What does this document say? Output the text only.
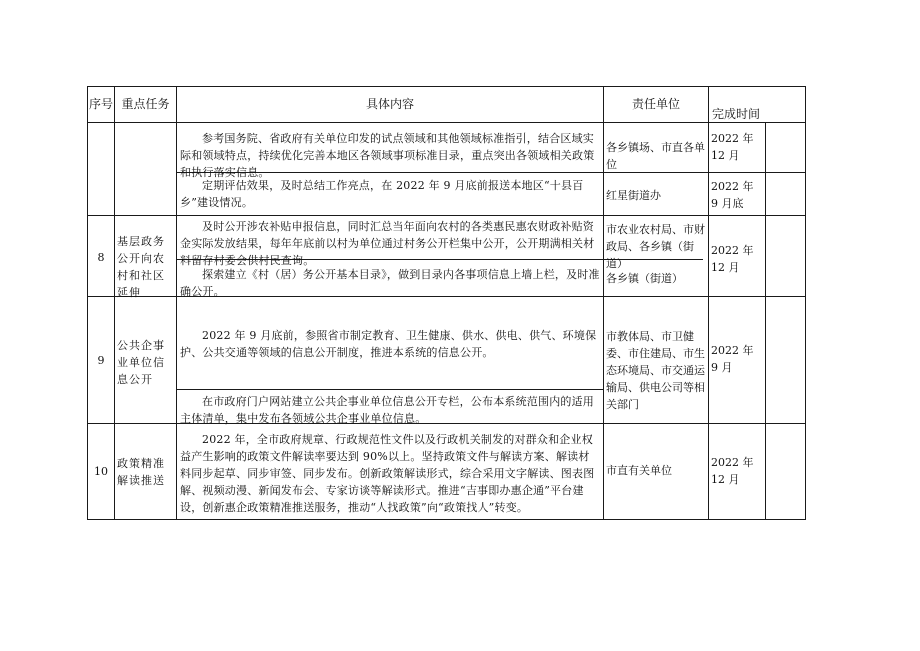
序号 重点任务	具体内容	责任单位
完成时间
参考国务院、省政府有关单位印发的试点领域和其他领域标准指引，结合区域实际和领域特点，持续优化完善本地区各领域事项标准目录，重点突出各领域相关政策和执行落实信息。
各乡镇场、市直各单位
2022 年 12 月
定期评估效果，及时总结工作亮点，在 2022 年 9 月底前报送本地区“十县百乡”建设情况。
红星街道办
2022 年 9 月底
8
基层政务公开向农村和社区延伸
及时公开涉农补贴申报信息，同时汇总当年面向农村的各类惠民惠农财政补贴资金实际发放结果，每年年底前以村为单位通过村务公开栏集中公开，公开期满相关材料留存村委会供村民查询。
市农业农村局、市财政局、各乡镇（街道）
探索建立《村（居）务公开基本目录》，做到目录内各事项信息上墙上栏，及时准确公开。
各乡镇（街道）
2022 年 12 月
9
公共企事业单位信息公开
2022 年 9 月底前，参照省市制定教育、卫生健康、供水、供电、供气、环境保护、公共交通等领域的信息公开制度，推进本系统的信息公开。
在市政府门户网站建立公共企事业单位信息公开专栏，公布本系统范围内的适用主体清单，集中发布各领域公共企事业单位信息。
市教体局、市卫健委、市住建局、市生态环境局、市交通运输局、供电公司等相关部门
2022 年 9 月
10
政策精准解读推送
2022 年，全市政府规章、行政规范性文件以及行政机关制发的对群众和企业权益产生影响的政策文件解读率要达到 90%以上。坚持政策文件与解读方案、解读材料同步起草、同步审签、同步发布。创新政策解读形式，综合采用文字解读、图表图解、视频动漫、新闻发布会、专家访谈等解读形式。推进“吉事即办惠企通”平台建设，创新惠企政策精准推送服务，推动“人找政策”向“政策找人”转变。
市直有关单位
2022 年 12 月
